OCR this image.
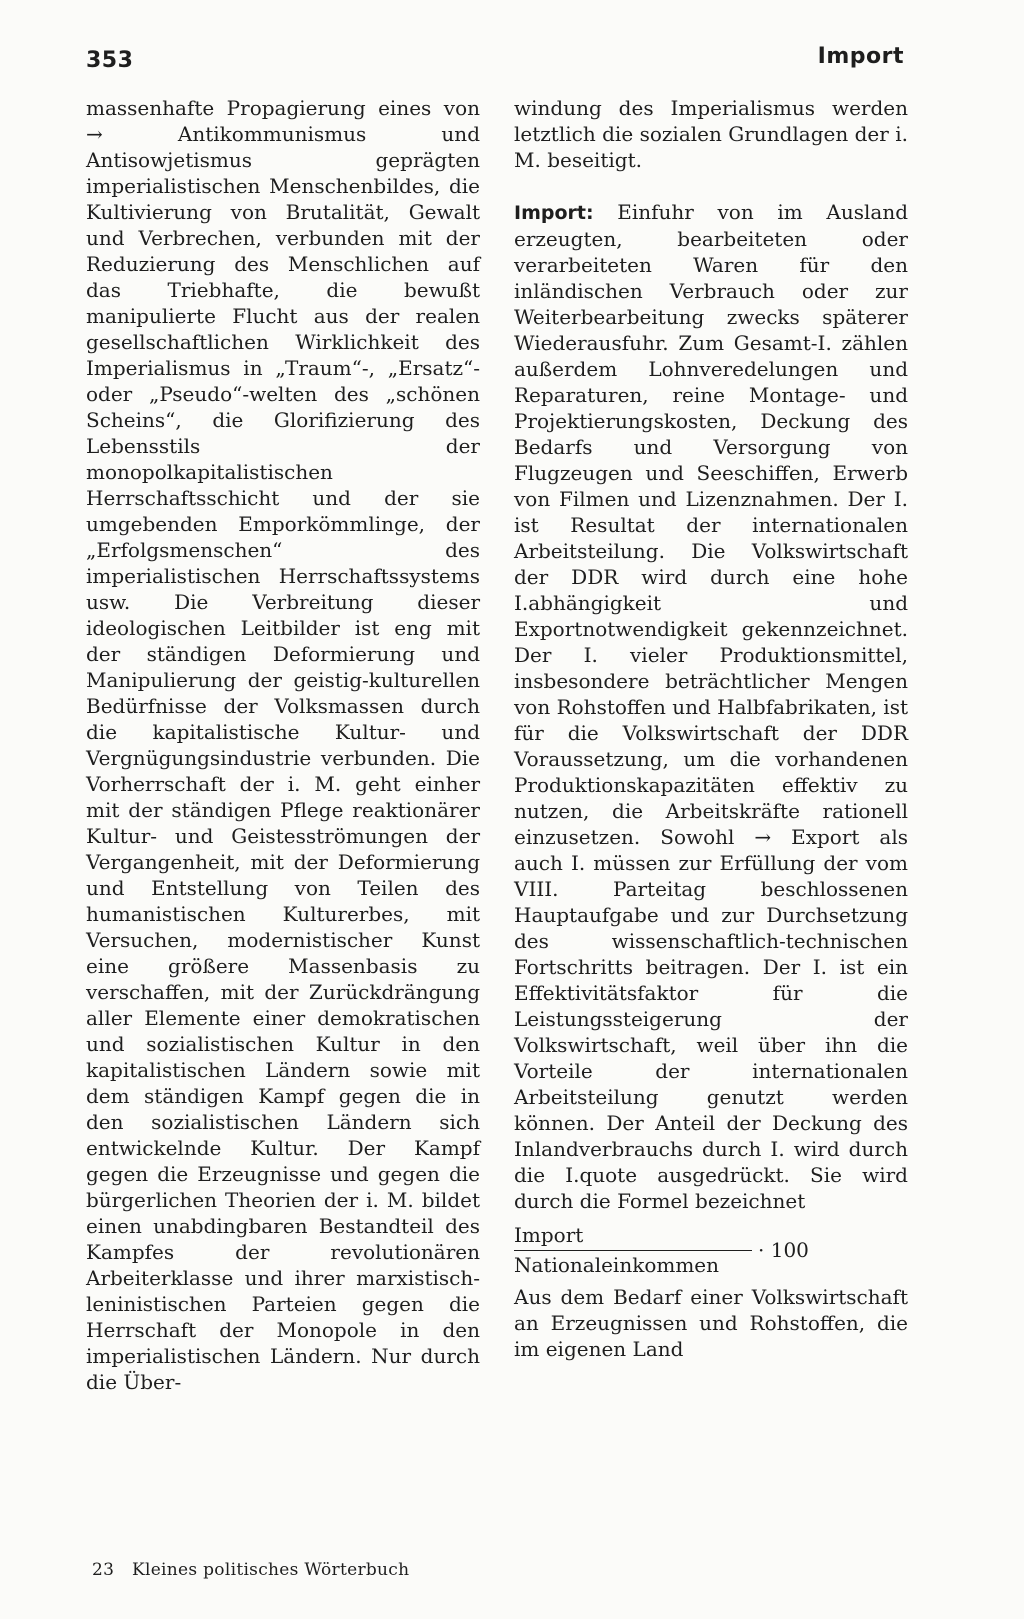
353	Import

massenhafte Propagierung eines von → Antikommunismus und Antisowjetismus geprägten imperialistischen Menschenbildes, die Kultivierung von Brutalität, Gewalt und Verbrechen, verbunden mit der Reduzierung des Menschlichen auf das Triebhafte, die bewußt manipulierte Flucht aus der realen gesellschaftlichen Wirklichkeit des Imperialismus in „Traum“-, „Ersatz“- oder „Pseudo“-welten des „schönen Scheins“, die Glorifizierung des Lebensstils der monopolkapitalistischen Herrschaftsschicht und der sie umgebenden Emporkömmlinge, der „Erfolgsmenschen“ des imperialistischen Herrschaftssystems usw. Die Verbreitung dieser ideologischen Leitbilder ist eng mit der ständigen Deformierung und Manipulierung der geistig-kulturellen Bedürfnisse der Volksmassen durch die kapitalistische Kultur- und Vergnügungsindustrie verbunden. Die Vorherrschaft der i. M. geht einher mit der ständigen Pflege reaktionärer Kultur- und Geistesströmungen der Vergangenheit, mit der Deformierung und Entstellung von Teilen des humanistischen Kulturerbes, mit Versuchen, modernistischer Kunst eine größere Massenbasis zu verschaffen, mit der Zurückdrängung aller Elemente einer demokratischen und sozialistischen Kultur in den kapitalistischen Ländern sowie mit dem ständigen Kampf gegen die in den sozialistischen Ländern sich entwickelnde Kultur. Der Kampf gegen die Erzeugnisse und gegen die bürgerlichen Theorien der i. M. bildet einen unabdingbaren Bestandteil des Kampfes der revolutionären Arbeiterklasse und ihrer marxistisch-leninistischen Parteien gegen die Herrschaft der Monopole in den imperialistischen Ländern. Nur durch die Über-

windung des Imperialismus werden letztlich die sozialen Grundlagen der i. M. beseitigt.

Import: Einfuhr von im Ausland erzeugten, bearbeiteten oder verarbeiteten Waren für den inländischen Verbrauch oder zur Weiterbearbeitung zwecks späterer Wiederausfuhr. Zum Gesamt-I. zählen außerdem Lohnveredelungen und Reparaturen, reine Montage- und Projektierungskosten, Deckung des Bedarfs und Versorgung von Flugzeugen und Seeschiffen, Erwerb von Filmen und Lizenznahmen. Der I. ist Resultat der internationalen Arbeitsteilung. Die Volkswirtschaft der DDR wird durch eine hohe I.abhängigkeit und Exportnotwendigkeit gekennzeichnet. Der I. vieler Produktionsmittel, insbesondere beträchtlicher Mengen von Rohstoffen und Halbfabrikaten, ist für die Volkswirtschaft der DDR Voraussetzung, um die vorhandenen Produktionskapazitäten effektiv zu nutzen, die Arbeitskräfte rationell einzusetzen. Sowohl → Export als auch I. müssen zur Erfüllung der vom VIII. Parteitag beschlossenen Hauptaufgabe und zur Durchsetzung des wissenschaftlich-technischen Fortschritts beitragen. Der I. ist ein Effektivitätsfaktor für die Leistungssteigerung der Volkswirtschaft, weil über ihn die Vorteile der internationalen Arbeitsteilung genutzt werden können. Der Anteil der Deckung des Inlandverbrauchs durch I. wird durch die I.quote ausgedrückt. Sie wird durch die Formel bezeichnet

$\frac{\text{Import}}{\text{Nationaleinkommen}} \cdot 100$

Aus dem Bedarf einer Volkswirtschaft an Erzeugnissen und Rohstoffen, die im eigenen Land

23 Kleines politisches Wörterbuch
